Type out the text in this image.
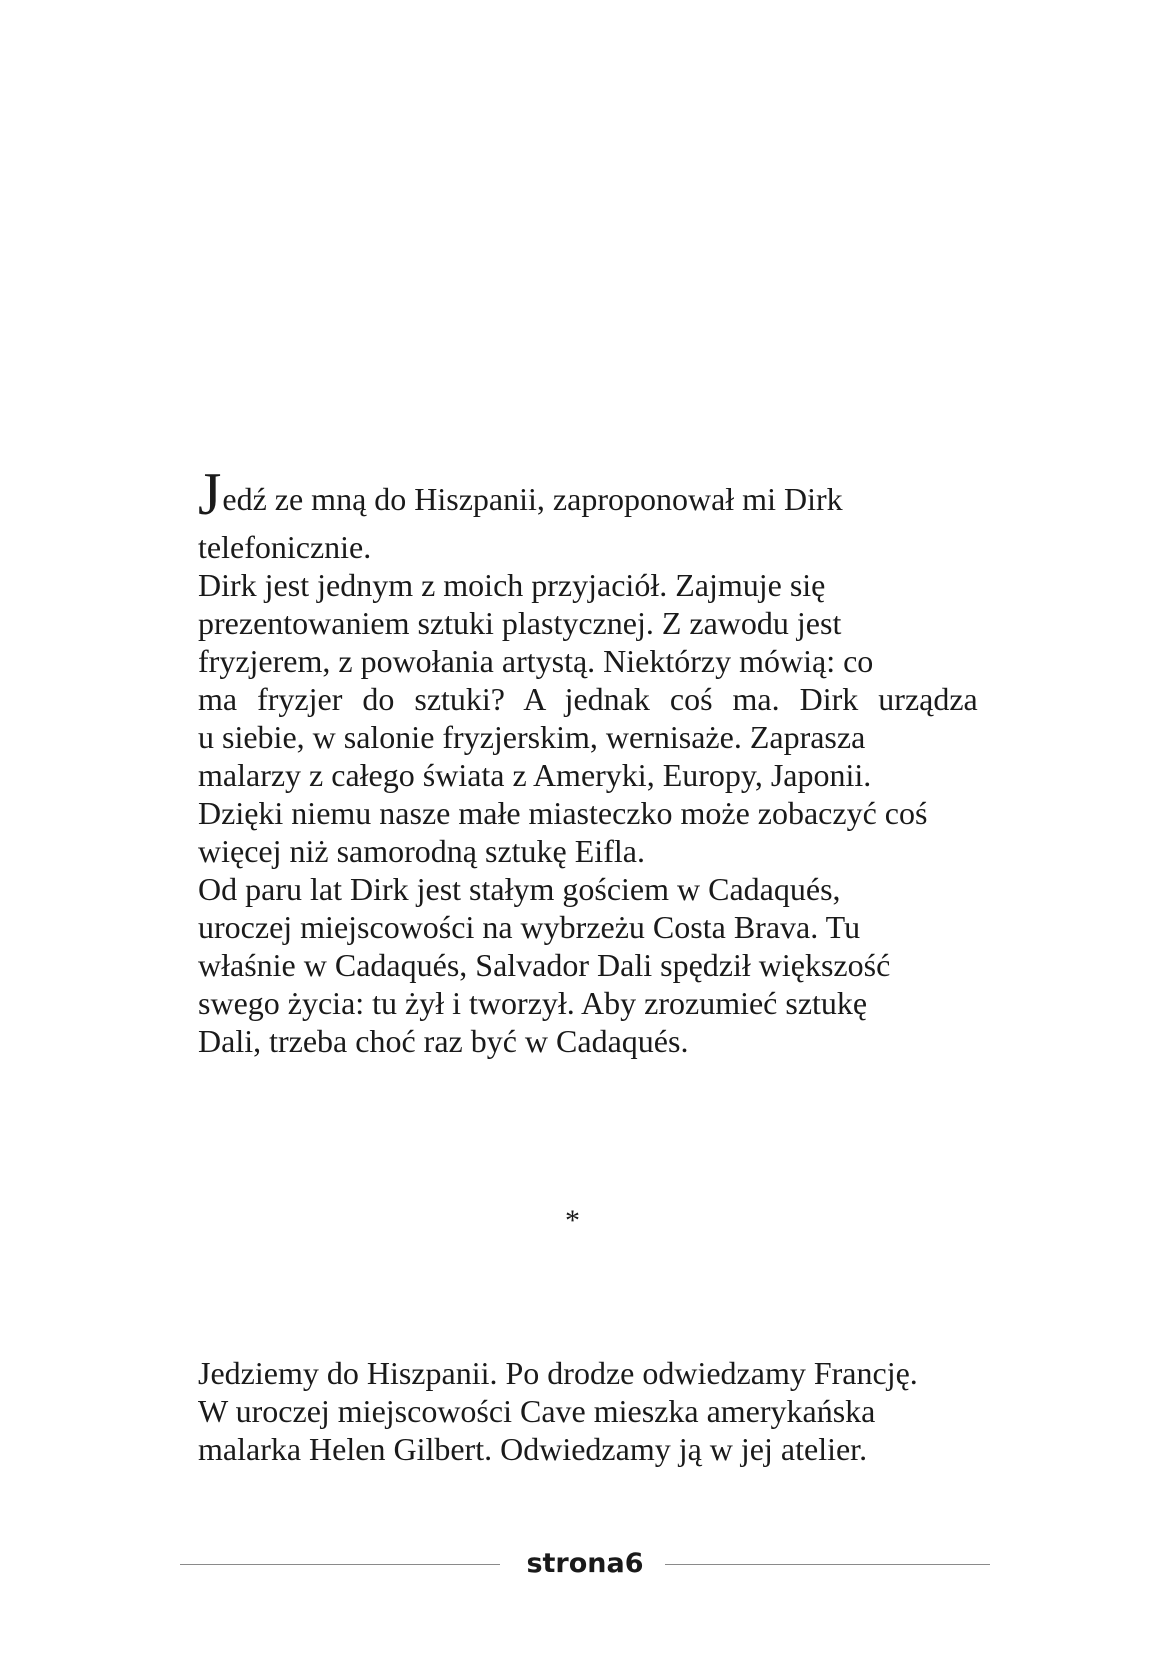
Jedź ze mną do Hiszpanii, zaproponował mi Dirk
telefonicznie.
Dirk jest jednym z moich przyjaciół. Zajmuje się
prezentowaniem sztuki plastycznej. Z zawodu jest
fryzjerem, z powołania artystą. Niektórzy mówią: co
ma fryzjer do sztuki? A jednak coś ma. Dirk urządza
u siebie, w salonie fryzjerskim, wernisaże. Zaprasza
malarzy z całego świata z Ameryki, Europy, Japonii.
Dzięki niemu nasze małe miasteczko może zobaczyć coś
więcej niż samorodną sztukę Eifla.
Od paru lat Dirk jest stałym gościem w Cadaqués,
uroczej miejscowości na wybrzeżu Costa Brava. Tu
właśnie w Cadaqués, Salvador Dali spędził większość
swego życia: tu żył i tworzył. Aby zrozumieć sztukę
Dali, trzeba choć raz być w Cadaqués.
*
Jedziemy do Hiszpanii. Po drodze odwiedzamy Francję.
W uroczej miejscowości Cave mieszka amerykańska
malarka Helen Gilbert. Odwiedzamy ją w jej atelier.
strona6
